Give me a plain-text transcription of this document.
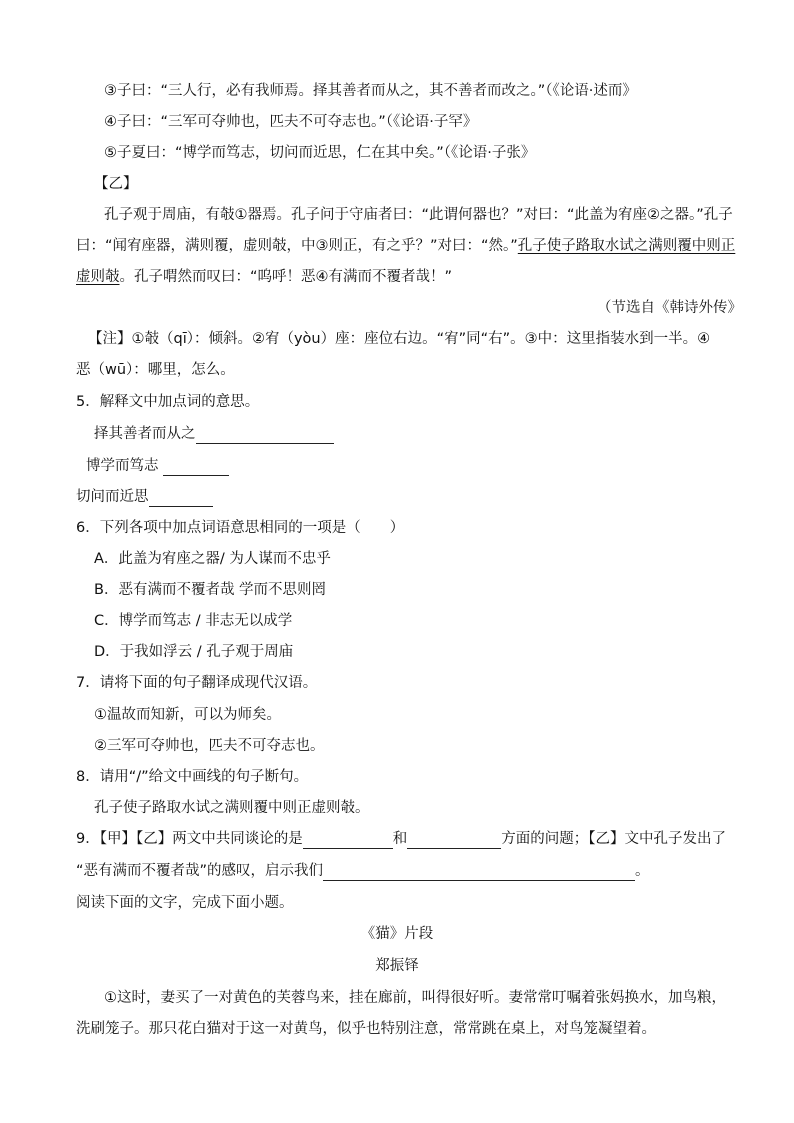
③子曰：“三人行，必有我师焉。择其善者而从之，其不善者而改之。”（《论语·述而》
④子曰：“三军可夺帅也，匹夫不可夺志也。”（《论语·子罕》
⑤子夏曰：“博学而笃志，切问而近思，仁在其中矣。”（《论语·子张》
【乙】
孔子观于周庙，有攲①器焉。孔子问于守庙者曰：“此谓何器也？”对曰：“此盖为宥座②之器。”孔子
曰：“闻宥座器，满则覆，虚则攲，中③则正，有之乎？”对曰：“然。”孔子使子路取水试之满则覆中则正
虚则攲。孔子喟然而叹曰：“呜呼！恶④有满而不覆者哉！”
（节选自《韩诗外传》
【注】①攲（qī）：倾斜。②宥（yòu）座：座位右边。“宥”同“右”。③中：这里指装水到一半。④
恶（wū）：哪里，怎么。
5．解释文中加点词的意思。
择其善者而从之
博学而笃志
切问而近思
6．下列各项中加点词语意思相同的一项是（　　）
A．此盖为宥座之器/ 为人谋而不忠乎
B．恶有满而不覆者哉 学而不思则罔
C．博学而笃志 / 非志无以成学
D．于我如浮云 / 孔子观于周庙
7．请将下面的句子翻译成现代汉语。
①温故而知新，可以为师矣。
②三军可夺帅也，匹夫不可夺志也。
8．请用“/”给文中画线的句子断句。
孔子使子路取水试之满则覆中则正虚则攲。
9．【甲】【乙】两文中共同谈论的是	和	方面的问题；【乙】文中孔子发出了
“恶有满而不覆者哉”的感叹，启示我们	。
阅读下面的文字，完成下面小题。
《猫》片段
郑振铎
①这时，妻买了一对黄色的芙蓉鸟来，挂在廊前，叫得很好听。妻常常叮嘱着张妈换水，加鸟粮，
洗刷笼子。那只花白猫对于这一对黄鸟，似乎也特别注意，常常跳在桌上，对鸟笼凝望着。
